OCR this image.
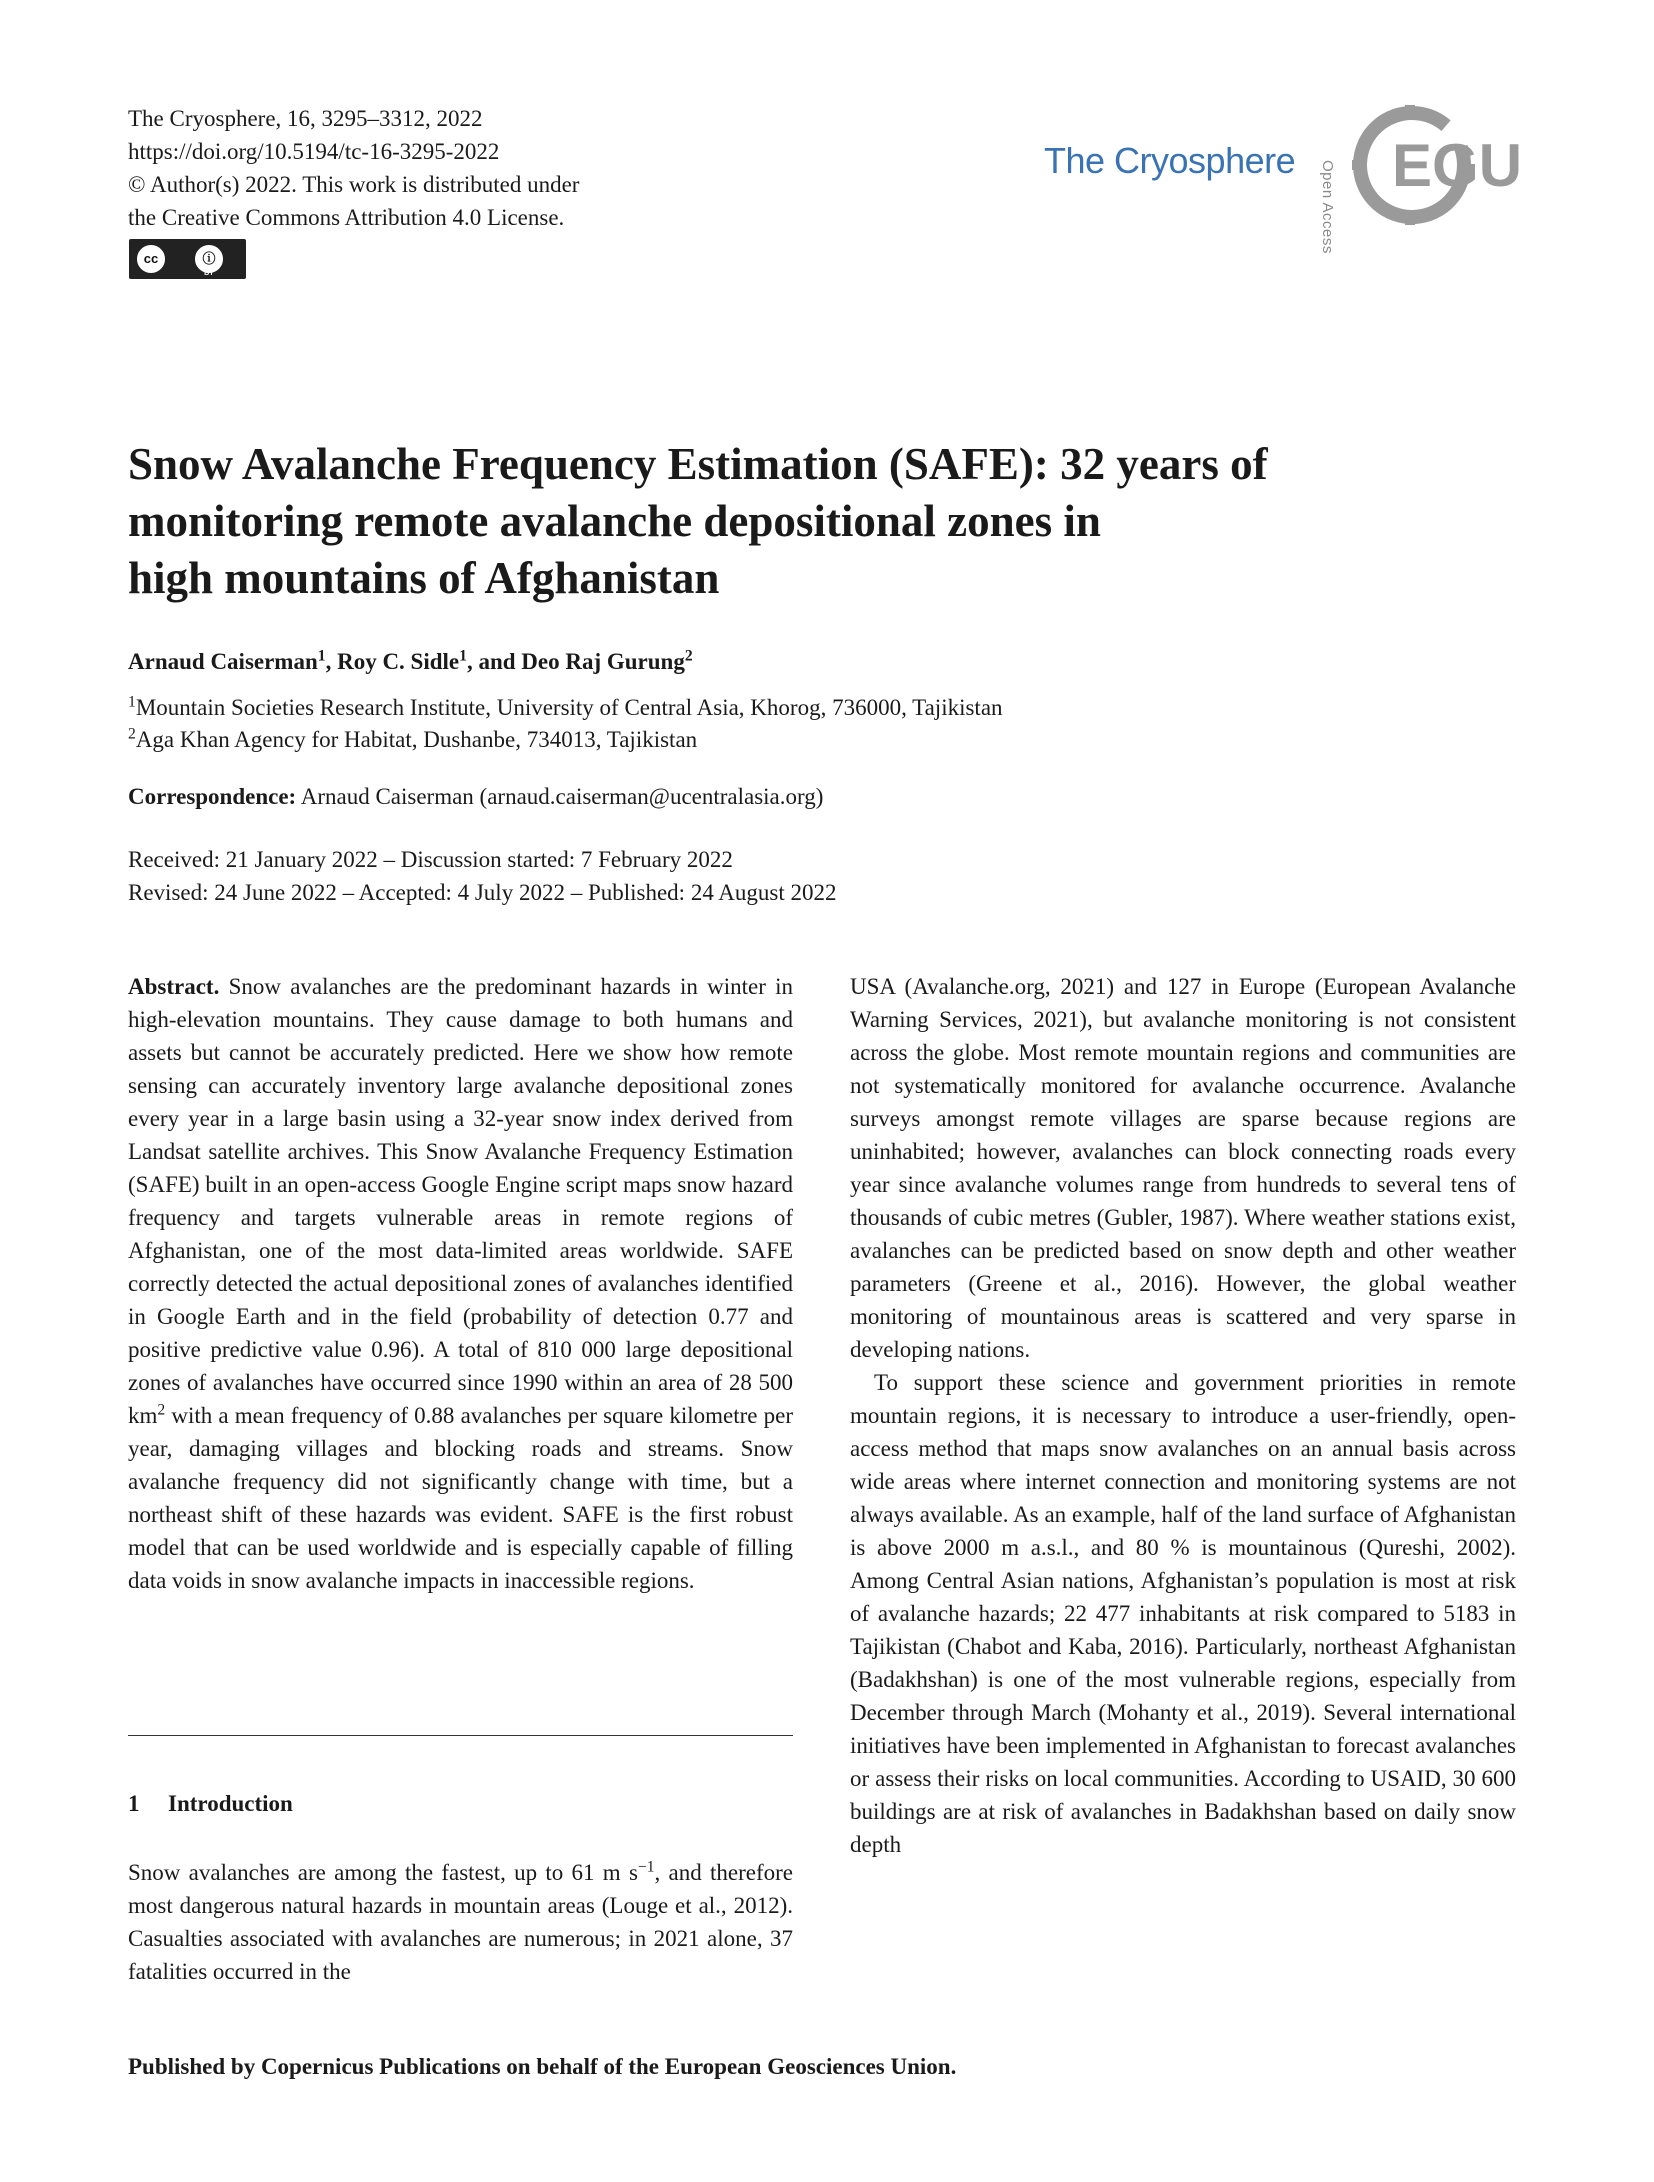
The Cryosphere, 16, 3295–3312, 2022
https://doi.org/10.5194/tc-16-3295-2022
© Author(s) 2022. This work is distributed under
the Creative Commons Attribution 4.0 License.
cc	ⓘ
BY
The Cryosphere Open Access EGU
Snow Avalanche Frequency Estimation (SAFE): 32 years of
monitoring remote avalanche depositional zones in
high mountains of Afghanistan
Arnaud Caiserman$^1$, Roy C. Sidle$^1$, and Deo Raj Gurung$^2$
$^1$Mountain Societies Research Institute, University of Central Asia, Khorog, 736000, Tajikistan
$^2$Aga Khan Agency for Habitat, Dushanbe, 734013, Tajikistan
Correspondence: Arnaud Caiserman (arnaud.caiserman@ucentralasia.org)
Received: 21 January 2022 – Discussion started: 7 February 2022
Revised: 24 June 2022 – Accepted: 4 July 2022 – Published: 24 August 2022

Abstract. Snow avalanches are the predominant hazards in winter in high-elevation mountains. They cause damage to both humans and assets but cannot be accurately predicted. Here we show how remote sensing can accurately inventory large avalanche depositional zones every year in a large basin using a 32-year snow index derived from Landsat satellite archives. This Snow Avalanche Frequency Estimation (SAFE) built in an open-access Google Engine script maps snow hazard frequency and targets vulnerable areas in remote regions of Afghanistan, one of the most data-limited areas worldwide. SAFE correctly detected the actual depositional zones of avalanches identified in Google Earth and in the field (probability of detection 0.77 and positive predictive value 0.96). A total of 810 000 large depositional zones of avalanches have occurred since 1990 within an area of 28 500 $km^2$ with a mean frequency of 0.88 avalanches per square kilometre per year, damaging villages and blocking roads and streams. Snow avalanche frequency did not significantly change with time, but a northeast shift of these hazards was evident. SAFE is the first robust model that can be used worldwide and is especially capable of filling data voids in snow avalanche impacts in inaccessible regions.

1 Introduction

Snow avalanches are among the fastest, up to 61 m $s^{-1}$, and therefore most dangerous natural hazards in mountain areas (Louge et al., 2012). Casualties associated with avalanches are numerous; in 2021 alone, 37 fatalities occurred in the

USA (Avalanche.org, 2021) and 127 in Europe (European Avalanche Warning Services, 2021), but avalanche monitoring is not consistent across the globe. Most remote mountain regions and communities are not systematically monitored for avalanche occurrence. Avalanche surveys amongst remote villages are sparse because regions are uninhabited; however, avalanches can block connecting roads every year since avalanche volumes range from hundreds to several tens of thousands of cubic metres (Gubler, 1987). Where weather stations exist, avalanches can be predicted based on snow depth and other weather parameters (Greene et al., 2016). However, the global weather monitoring of mountainous areas is scattered and very sparse in developing nations.

To support these science and government priorities in remote mountain regions, it is necessary to introduce a user-friendly, open-access method that maps snow avalanches on an annual basis across wide areas where internet connection and monitoring systems are not always available. As an example, half of the land surface of Afghanistan is above 2000 m a.s.l., and 80 % is mountainous (Qureshi, 2002). Among Central Asian nations, Afghanistan’s population is most at risk of avalanche hazards; 22 477 inhabitants at risk compared to 5183 in Tajikistan (Chabot and Kaba, 2016). Particularly, northeast Afghanistan (Badakhshan) is one of the most vulnerable regions, especially from December through March (Mohanty et al., 2019). Several international initiatives have been implemented in Afghanistan to forecast avalanches or assess their risks on local communities. According to USAID, 30 600 buildings are at risk of avalanches in Badakhshan based on daily snow depth

Published by Copernicus Publications on behalf of the European Geosciences Union.
